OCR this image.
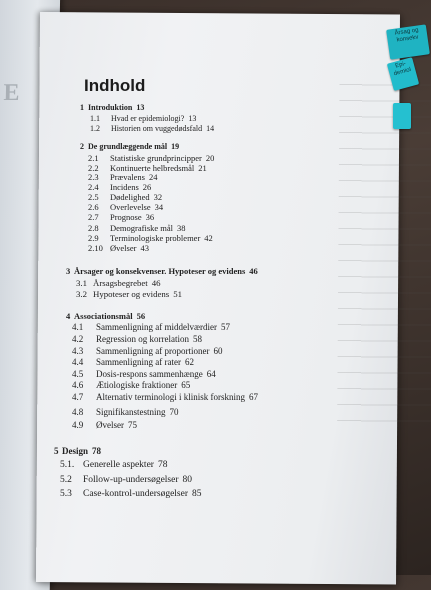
E
Årsag og konsekv
Epi-demiol
Indhold
1 Introduktion 13
1.1 Hvad er epidemiologi? 13
1.2 Historien om vuggedødsfald 14
2 De grundlæggende mål 19
2.1 Statistiske grundprincipper 20
2.2 Kontinuerte helbredsmål 21
2.3 Prævalens 24
2.4 Incidens 26
2.5 Dødelighed 32
2.6 Overlevelse 34
2.7 Prognose 36
2.8 Demografiske mål 38
2.9 Terminologiske problemer 42
2.10 Øvelser 43
3 Årsager og konsekvenser. Hypoteser og evidens 46
3.1 Årsagsbegrebet 46
3.2 Hypoteser og evidens 51
4 Associationsmål 56
4.1 Sammenligning af middelværdier 57
4.2 Regression og korrelation 58
4.3 Sammenligning af proportioner 60
4.4 Sammenligning af rater 62
4.5 Dosis-respons sammenhænge 64
4.6 Ætiologiske fraktioner 65
4.7 Alternativ terminologi i klinisk forskning 67
4.8 Signifikanstestning 70
4.9 Øvelser 75
5 Design 78
5.1. Generelle aspekter 78
5.2 Follow-up-undersøgelser 80
5.3 Case-kontrol-undersøgelser 85
